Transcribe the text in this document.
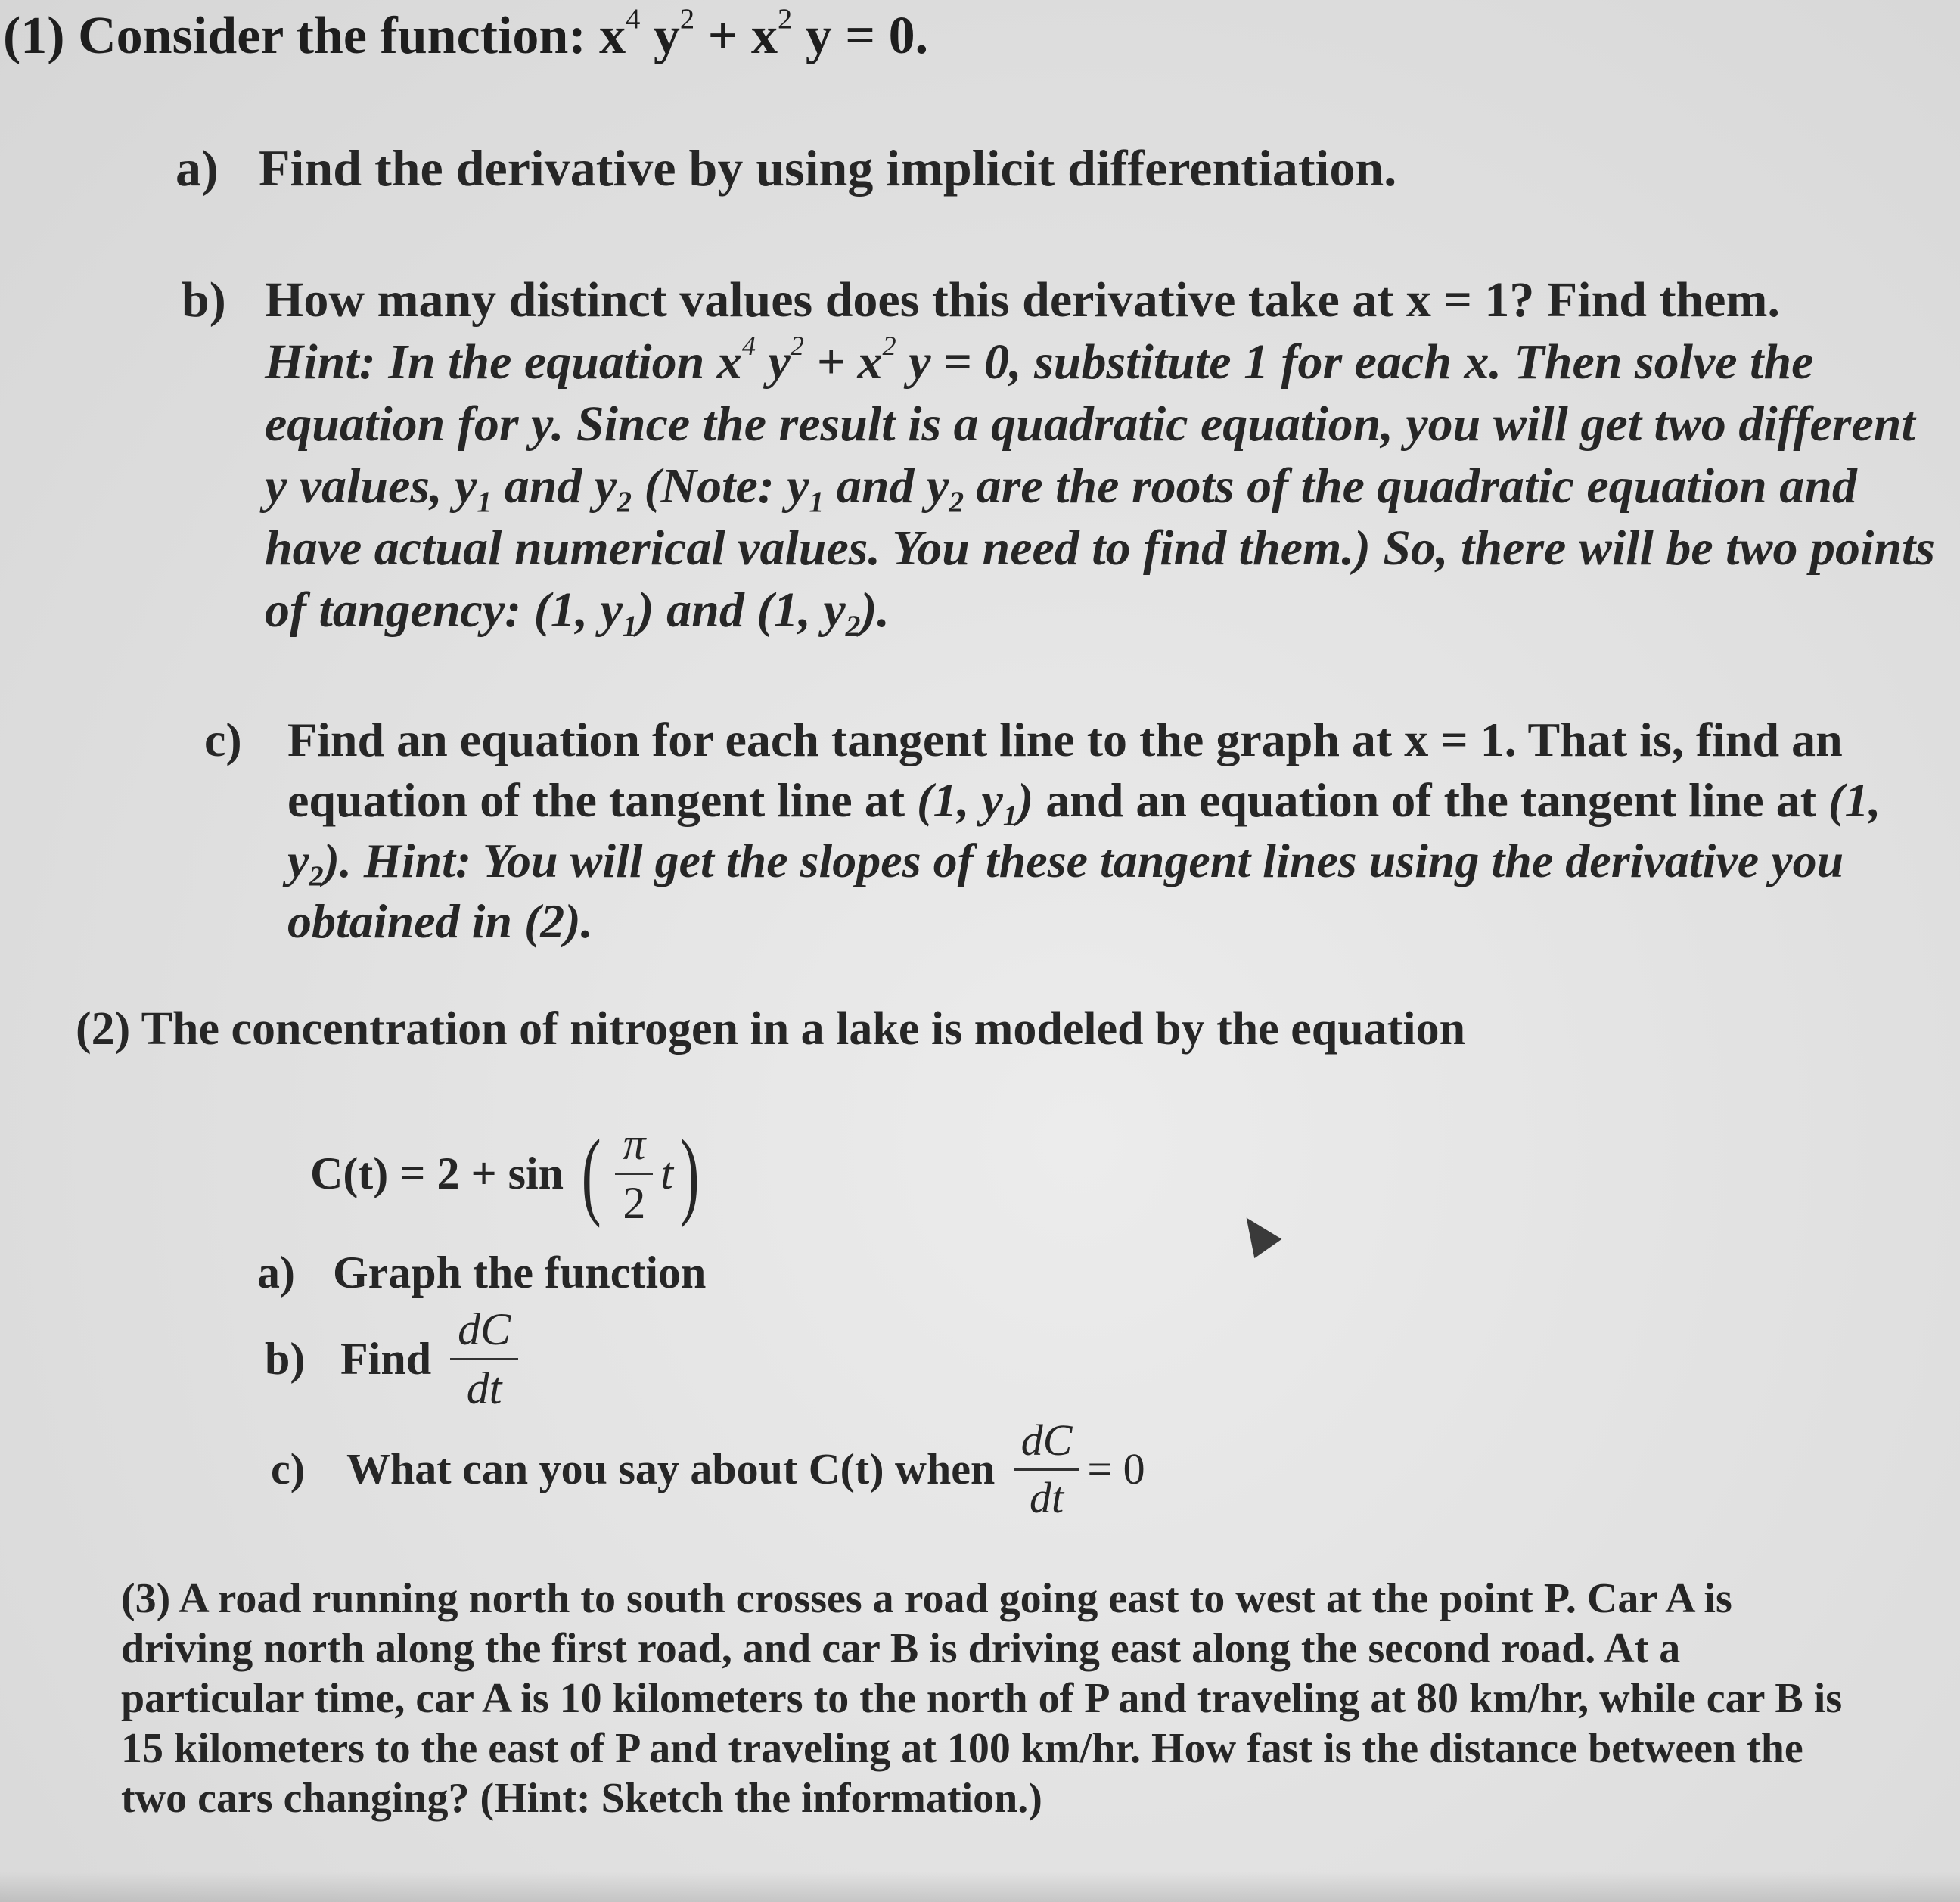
(1) Consider the function: $x^4$ $y^2 + x^2$ y = 0.
a) Find the derivative by using implicit differentiation.
b) How many distinct values does this derivative take at x = 1? Find them.
Hint: In the equation $x^4$ $y^2 + x^2$ y = 0, substitute 1 for each x. Then solve the equation for y. Since the result is a quadratic equation, you will get two different y values, $y_1$ and $y_2$ (Note: $y_1$ and $y_2$ are the roots of the quadratic equation and have actual numerical values. You need to find them.) So, there will be two points of tangency: (1, $y_1$) and (1, $y_2$).
c) Find an equation for each tangent line to the graph at x = 1. That is, find an equation of the tangent line at (1, $y_1$) and an equation of the tangent line at (1, $y_2$). Hint: You will get the slopes of these tangent lines using the derivative you obtained in (2).
(2) The concentration of nitrogen in a lake is modeled by the equation
C(t) = 2 + sin ( $\frac{\pi}{2} t$)
a) Graph the function
b) Find $\frac{dC}{dt}$
c) What can you say about C(t) when $\frac{dC}{dt} = 0$
(3) A road running north to south crosses a road going east to west at the point P. Car A is driving north along the first road, and car B is driving east along the second road. At a particular time, car A is 10 kilometers to the north of P and traveling at 80 km/hr, while car B is 15 kilometers to the east of P and traveling at 100 km/hr. How fast is the distance between the two cars changing? (Hint: Sketch the information.)
